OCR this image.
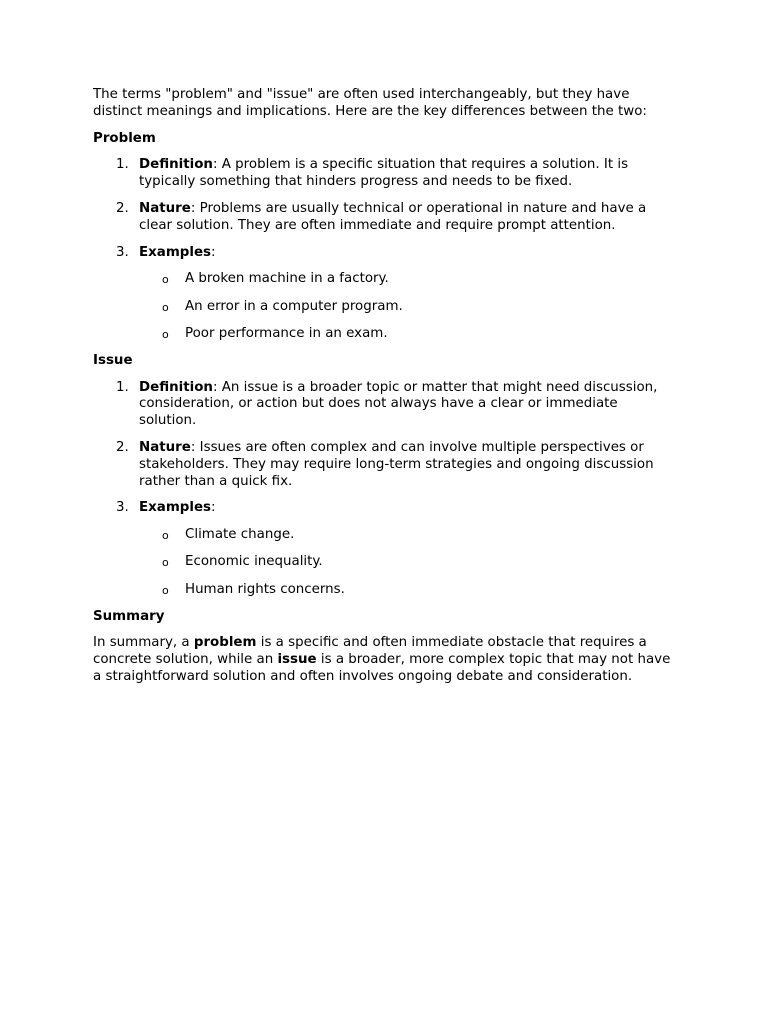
The terms "problem" and "issue" are often used interchangeably, but they have distinct meanings and implications. Here are the key differences between the two:

Problem

1. Definition: A problem is a specific situation that requires a solution. It is typically something that hinders progress and needs to be fixed.
2. Nature: Problems are usually technical or operational in nature and have a clear solution. They are often immediate and require prompt attention.
3. Examples:
o A broken machine in a factory.
o An error in a computer program.
o Poor performance in an exam.

Issue

1. Definition: An issue is a broader topic or matter that might need discussion, consideration, or action but does not always have a clear or immediate solution.
2. Nature: Issues are often complex and can involve multiple perspectives or stakeholders. They may require long-term strategies and ongoing discussion rather than a quick fix.
3. Examples:
o Climate change.
o Economic inequality.
o Human rights concerns.

Summary

In summary, a problem is a specific and often immediate obstacle that requires a concrete solution, while an issue is a broader, more complex topic that may not have a straightforward solution and often involves ongoing debate and consideration.
